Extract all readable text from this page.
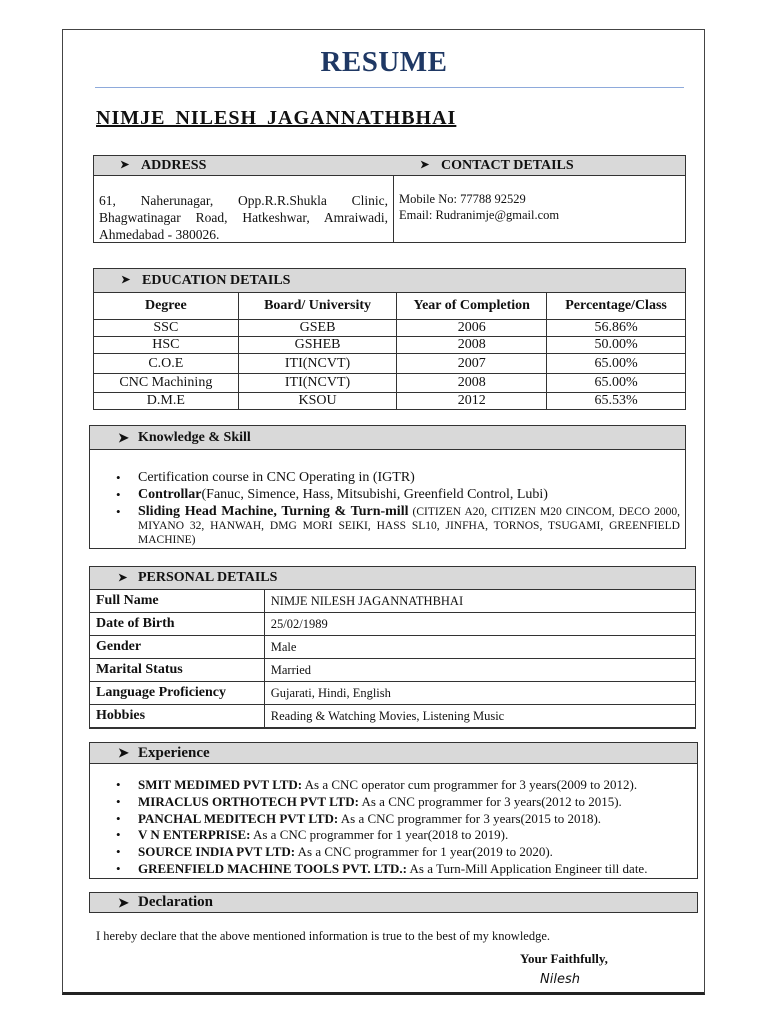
RESUME
NIMJE NILESH JAGANNATHBHAI
➤ ADDRESS	➤ CONTACT DETAILS
61, Naherunagar, Opp.R.R.Shukla Clinic, Bhagwatinagar Road, Hatkeshwar, Amraiwadi, Ahmedabad - 380026.
Mobile No: 77788 92529
Email: Rudranimje@gmail.com
➤ EDUCATION DETAILS
Degree	Board/ University	Year of Completion	Percentage/Class
SSC	GSEB	2006	56.86%
HSC	GSHEB	2008	50.00%
C.O.E	ITI(NCVT)	2007	65.00%
CNC Machining	ITI(NCVT)	2008	65.00%
D.M.E	KSOU	2012	65.53%
➤ Knowledge & Skill
• Certification course in CNC Operating in (IGTR)
• Controllar(Fanuc, Simence, Hass, Mitsubishi, Greenfield Control, Lubi)
• Sliding Head Machine, Turning & Turn-mill (CITIZEN A20, CITIZEN M20 CINCOM, DECO 2000, MIYANO 32, HANWAH, DMG MORI SEIKI, HASS SL10, JINFHA, TORNOS, TSUGAMI, GREENFIELD MACHINE)
➤ PERSONAL DETAILS
Full Name	NIMJE NILESH JAGANNATHBHAI
Date of Birth	25/02/1989
Gender	Male
Marital Status	Married
Language Proficiency	Gujarati, Hindi, English
Hobbies	Reading & Watching Movies, Listening Music
➤ Experience
• SMIT MEDIMED PVT LTD: As a CNC operator cum programmer for 3 years(2009 to 2012).
• MIRACLUS ORTHOTECH PVT LTD: As a CNC programmer for 3 years(2012 to 2015).
• PANCHAL MEDITECH PVT LTD: As a CNC programmer for 3 years(2015 to 2018).
• V N ENTERPRISE: As a CNC programmer for 1 year(2018 to 2019).
• SOURCE INDIA PVT LTD: As a CNC programmer for 1 year(2019 to 2020).
• GREENFIELD MACHINE TOOLS PVT. LTD.: As a Turn-Mill Application Engineer till date.
➤ Declaration
I hereby declare that the above mentioned information is true to the best of my knowledge.
Your Faithfully,
Nilesh
